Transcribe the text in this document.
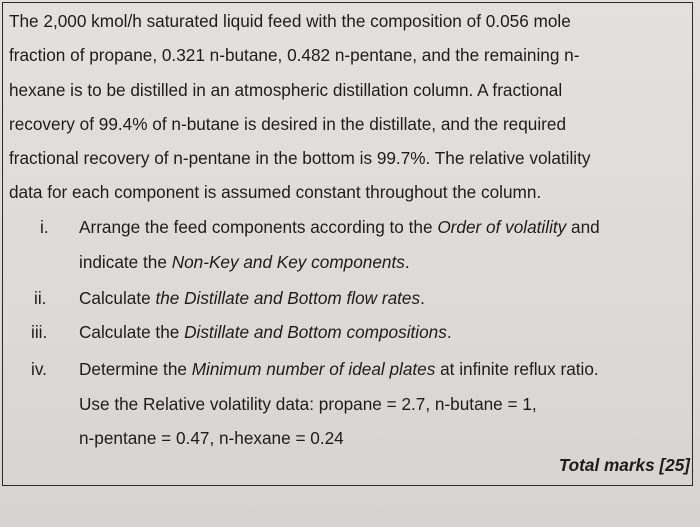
The 2,000 kmol/h saturated liquid feed with the composition of 0.056 mole
fraction of propane, 0.321 n-butane, 0.482 n-pentane, and the remaining n-
hexane is to be distilled in an atmospheric distillation column. A fractional
recovery of 99.4% of n-butane is desired in the distillate, and the required
fractional recovery of n-pentane in the bottom is 99.7%. The relative volatility
data for each component is assumed constant throughout the column.
i.	Arrange the feed components according to the Order of volatility and
indicate the Non-Key and Key components.
ii.	Calculate the Distillate and Bottom flow rates.
iii.	Calculate the Distillate and Bottom compositions.
iv.	Determine the Minimum number of ideal plates at infinite reflux ratio.
Use the Relative volatility data: propane = 2.7, n-butane = 1,
n-pentane = 0.47, n-hexane = 0.24
Total marks [25]
